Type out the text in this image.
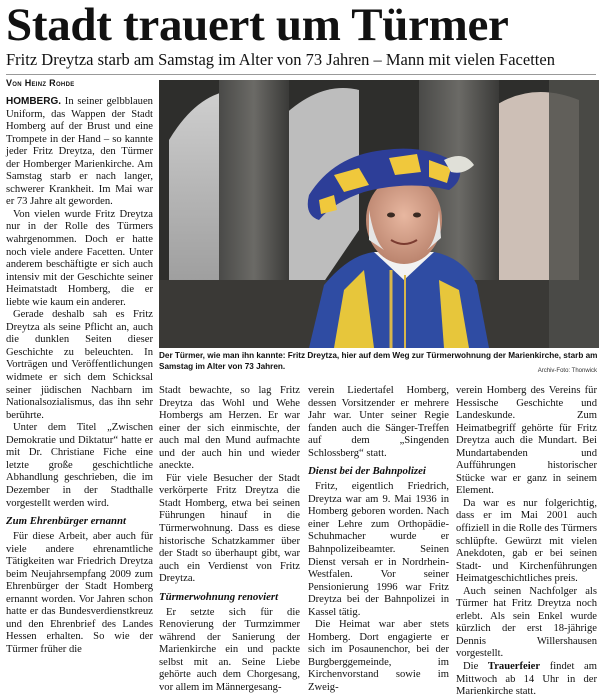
Stadt trauert um Türmer
Fritz Dreytza starb am Samstag im Alter von 73 Jahren – Mann mit vielen Facetten
Von Heinz Rohde
Der Türmer, wie man ihn kannte: Fritz Dreytza, hier auf dem Weg zur Türmerwohnung der Marienkirche, starb am Samstag im Alter von 73 Jahren.
Archiv-Foto: Thonwick

HOMBERG. In seiner gelbblauen Uniform, das Wappen der Stadt Homberg auf der Brust und eine Trompete in der Hand – so kannte jeder Fritz Dreytza, den Türmer der Homberger Marienkirche. Am Samstag starb er nach langer, schwerer Krankheit. Im Mai war er 73 Jahre alt geworden.

Von vielen wurde Fritz Dreytza nur in der Rolle des Türmers wahrgenommen. Doch er hatte noch viele andere Facetten. Unter anderem beschäftigte er sich auch intensiv mit der Geschichte seiner Heimatstadt Homberg, die er liebte wie kaum ein anderer.

Gerade deshalb sah es Fritz Dreytza als seine Pflicht an, auch die dunklen Seiten dieser Geschichte zu beleuchten. In Vorträgen und Veröffentlichungen widmete er sich dem Schicksal seiner jüdischen Nachbarn im Nationalsozialismus, das ihn sehr berührte.

Unter dem Titel „Zwischen Demokratie und Diktatur“ hatte er mit Dr. Christiane Fiche eine letzte große geschichtliche Abhandlung geschrieben, die im Dezember in der Stadthalle vorgestellt werden wird.

Zum Ehrenbürger ernannt

Für diese Arbeit, aber auch für viele andere ehrenamtliche Tätigkeiten war Friedrich Dreytza beim Neujahrsempfang 2009 zum Ehrenbürger der Stadt Homberg ernannt worden. Vor Jahren schon hatte er das Bundesverdienstkreuz und den Ehrenbrief des Landes Hessen erhalten. So wie der Türmer früher die

Stadt bewachte, so lag Fritz Dreytza das Wohl und Wehe Hombergs am Herzen. Er war einer der sich einmischte, der auch mal den Mund aufmachte und der auch hin und wieder aneckte.

Für viele Besucher der Stadt verkörperte Fritz Dreytza die Stadt Homberg, etwa bei seinen Führungen hinauf in die Türmerwohnung. Dass es diese historische Schatzkammer über der Stadt so überhaupt gibt, war auch ein Verdienst von Fritz Dreytza.

Türmerwohnung renoviert

Er setzte sich für die Renovierung der Turmzimmer während der Sanierung der Marienkirche ein und packte selbst mit an. Seine Liebe gehörte auch dem Chorgesang, vor allem im Männergesang-

verein Liedertafel Homberg, dessen Vorsitzender er mehrere Jahr war. Unter seiner Regie fanden auch die Sänger-Treffen auf dem „Singenden Schlossberg“ statt.

Dienst bei der Bahnpolizei

Fritz, eigentlich Friedrich, Dreytza war am 9. Mai 1936 in Homberg geboren worden. Nach einer Lehre zum Orthopädie-Schuhmacher wurde er Bahnpolizeibeamter. Seinen Dienst versah er in Nordrhein-Westfalen. Vor seiner Pensionierung 1996 war Fritz Dreytza bei der Bahnpolizei in Kassel tätig.

Die Heimat war aber stets Homberg. Dort engagierte er sich im Posaunenchor, bei der Burgberggemeinde, im Kirchenvorstand sowie im Zweig-

verein Homberg des Vereins für Hessische Geschichte und Landeskunde. Zum Heimatbegriff gehörte für Fritz Dreytza auch die Mundart. Bei Mundartabenden und Aufführungen historischer Stücke war er ganz in seinem Element.

Da war es nur folgerichtig, dass er im Mai 2001 auch offiziell in die Rolle des Türmers schlüpfte. Gewürzt mit vielen Anekdoten, gab er bei seinen Stadt- und Kirchenführungen Heimatgeschichtliches preis.

Auch seinen Nachfolger als Türmer hat Fritz Dreytza noch erlebt. Als sein Enkel wurde kürzlich der erst 18-jährige Dennis Willershausen vorgestellt.

Die Trauerfeier findet am Mittwoch ab 14 Uhr in der Marienkirche statt.
